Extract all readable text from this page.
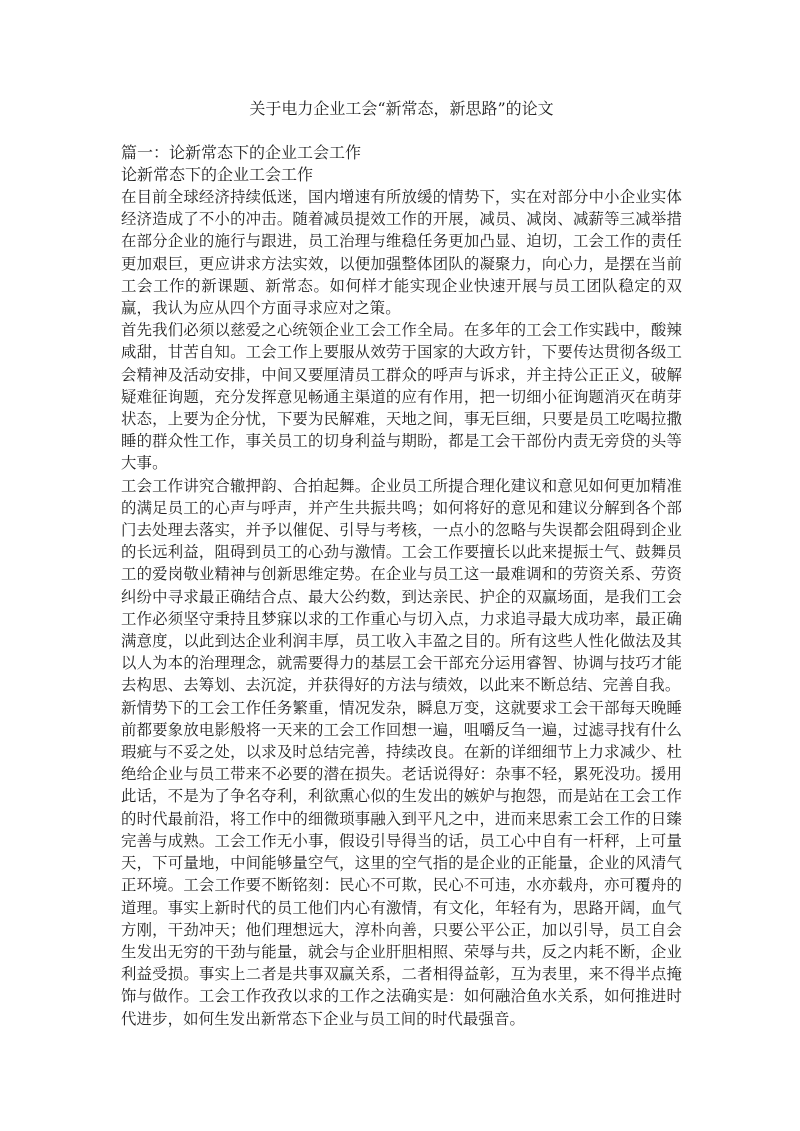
关于电力企业工会“新常态，新思路”的论文
篇一：论新常态下的企业工会工作
论新常态下的企业工会工作

在目前全球经济持续低迷，国内增速有所放缓的情势下，实在对部分中小企业实体经济造成了不小的冲击。随着减员提效工作的开展，减员、减岗、减薪等三减举措在部分企业的施行与跟进，员工治理与维稳任务更加凸显、迫切，工会工作的责任更加艰巨，更应讲求方法实效，以便加强整体团队的凝聚力，向心力，是摆在当前工会工作的新课题、新常态。如何样才能实现企业快速开展与员工团队稳定的双赢，我认为应从四个方面寻求应对之策。

首先我们必须以慈爱之心统领企业工会工作全局。在多年的工会工作实践中，酸辣咸甜，甘苦自知。工会工作上要服从效劳于国家的大政方针，下要传达贯彻各级工会精神及活动安排，中间又要厘清员工群众的呼声与诉求，并主持公正正义，破解疑难征询题，充分发挥意见畅通主渠道的应有作用，把一切细小征询题消灭在萌芽状态，上要为企分忧，下要为民解难，天地之间，事无巨细，只要是员工吃喝拉撒睡的群众性工作，事关员工的切身利益与期盼，都是工会干部份内责无旁贷的头等大事。

工会工作讲究合辙押韵、合拍起舞。企业员工所提合理化建议和意见如何更加精准的满足员工的心声与呼声，并产生共振共鸣；如何将好的意见和建议分解到各个部门去处理去落实，并予以催促、引导与考核，一点小的忽略与失误都会阻碍到企业的长远利益，阻碍到员工的心劲与激情。工会工作要擅长以此来提振士气、鼓舞员工的爱岗敬业精神与创新思维定势。在企业与员工这一最难调和的劳资关系、劳资纠纷中寻求最正确结合点、最大公约数，到达亲民、护企的双赢场面，是我们工会工作必须坚守秉持且梦寐以求的工作重心与切入点，力求追寻最大成功率，最正确满意度，以此到达企业利润丰厚，员工收入丰盈之目的。所有这些人性化做法及其以人为本的治理理念，就需要得力的基层工会干部充分运用睿智、协调与技巧才能去构思、去筹划、去沉淀，并获得好的方法与绩效，以此来不断总结、完善自我。

新情势下的工会工作任务繁重，情况发杂，瞬息万变，这就要求工会干部每天晚睡前都要象放电影般将一天来的工会工作回想一遍，咀嚼反刍一遍，过滤寻找有什么瑕疵与不妥之处，以求及时总结完善，持续改良。在新的详细细节上力求减少、杜绝给企业与员工带来不必要的潜在损失。老话说得好：杂事不轻，累死没功。援用此话，不是为了争名夺利，利欲熏心似的生发出的嫉妒与抱怨，而是站在工会工作的时代最前沿，将工作中的细微琐事融入到平凡之中，进而来思索工会工作的日臻完善与成熟。工会工作无小事，假设引导得当的话，员工心中自有一杆秤，上可量天，下可量地，中间能够量空气，这里的空气指的是企业的正能量，企业的风清气正环境。工会工作要不断铭刻：民心不可欺，民心不可违，水亦载舟，亦可覆舟的道理。事实上新时代的员工他们内心有激情，有文化，年轻有为，思路开阔，血气方刚，干劲冲天；他们理想远大，淳朴向善，只要公平公正，加以引导，员工自会生发出无穷的干劲与能量，就会与企业肝胆相照、荣辱与共，反之内耗不断，企业利益受损。事实上二者是共事双赢关系，二者相得益彰，互为表里，来不得半点掩饰与做作。工会工作孜孜以求的工作之法确实是：如何融洽鱼水关系，如何推进时代进步，如何生发出新常态下企业与员工间的时代最强音。
